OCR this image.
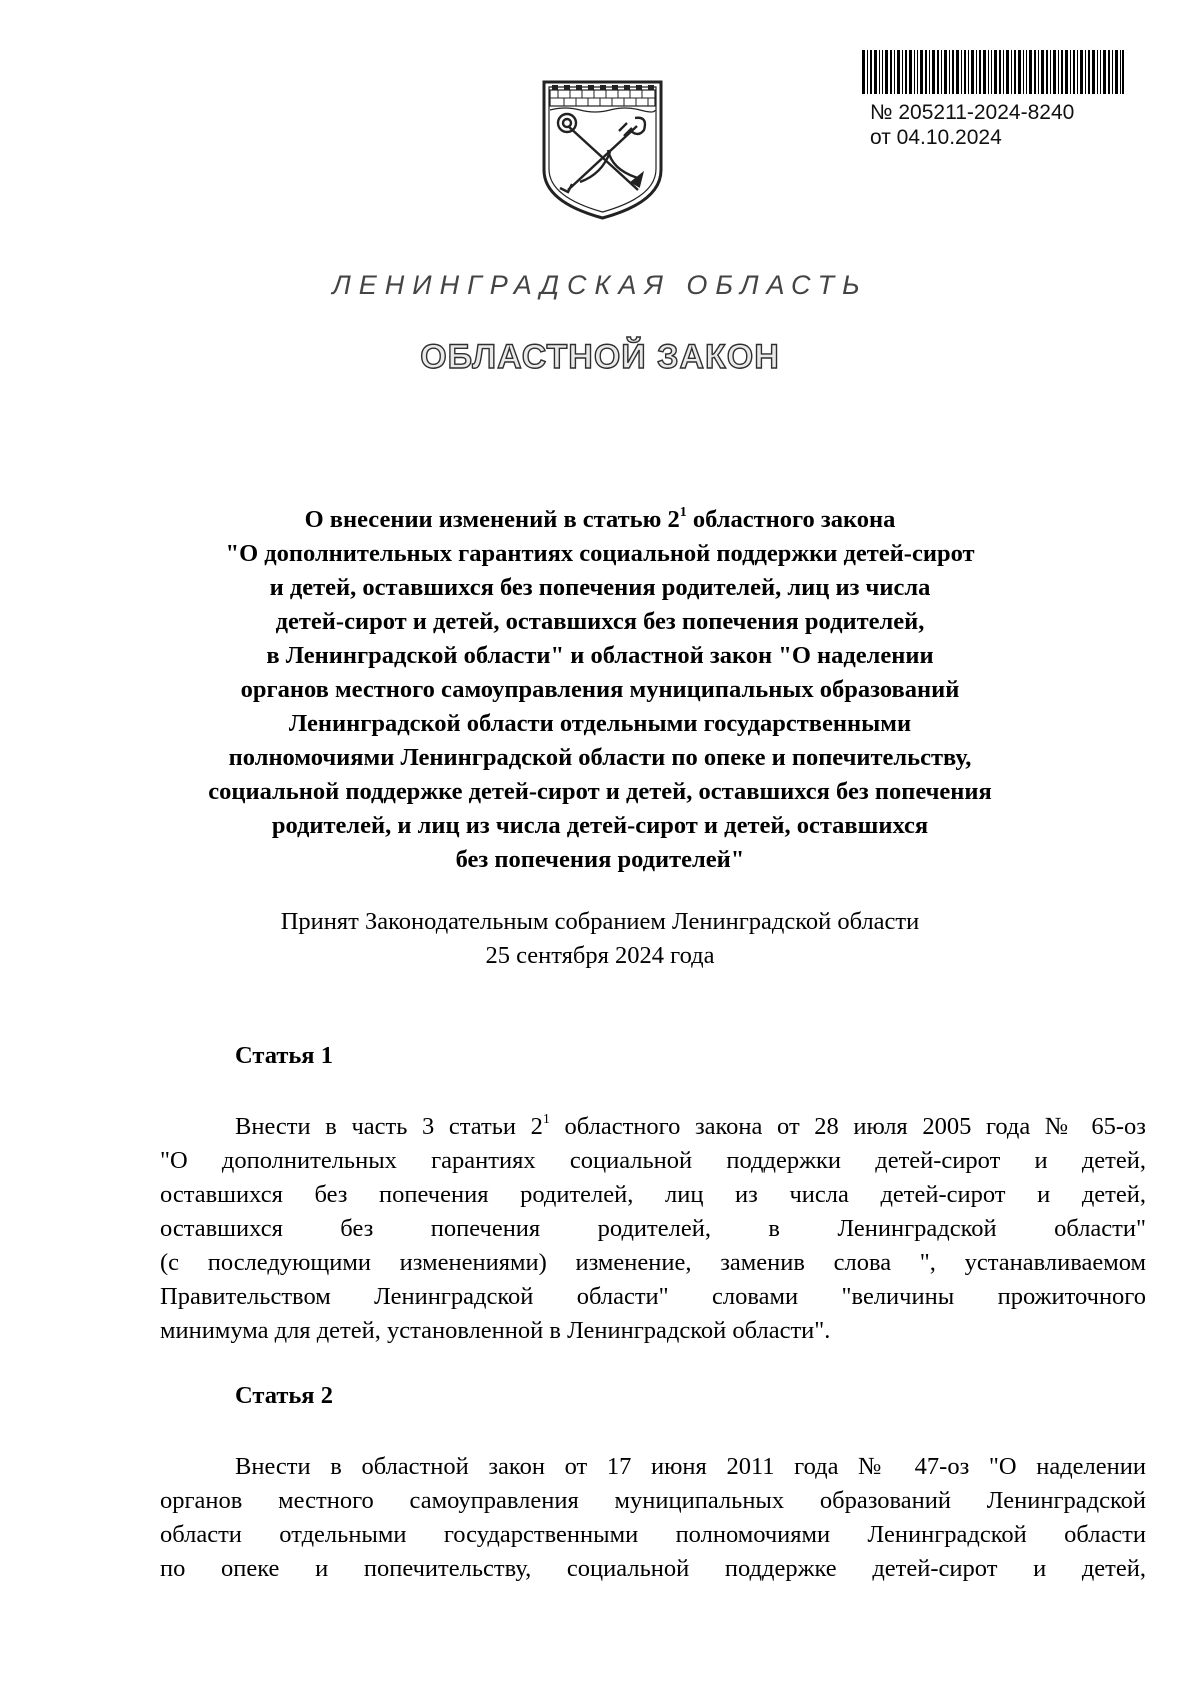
№ 205211-2024-8240
от 04.10.2024
ЛЕНИНГРАДСКАЯ ОБЛАСТЬ
ОБЛАСТНОЙ ЗАКОН
О внесении изменений в статью $2^1$ областного закона
"О дополнительных гарантиях социальной поддержки детей-сирот
и детей, оставшихся без попечения родителей, лиц из числа
детей-сирот и детей, оставшихся без попечения родителей,
в Ленинградской области" и областной закон "О наделении
органов местного самоуправления муниципальных образований
Ленинградской области отдельными государственными
полномочиями Ленинградской области по опеке и попечительству,
социальной поддержке детей-сирот и детей, оставшихся без попечения
родителей, и лиц из числа детей-сирот и детей, оставшихся
без попечения родителей"
Принят Законодательным собранием Ленинградской области
25 сентября 2024 года
Статья 1
Внести в часть 3 статьи $2^1$ областного закона от 28 июля 2005 года № 65-оз
"О дополнительных гарантиях социальной поддержки детей-сирот и детей,
оставшихся без попечения родителей, лиц из числа детей-сирот и детей,
оставшихся без попечения родителей, в Ленинградской области"
(с последующими изменениями) изменение, заменив слова ", устанавливаемом
Правительством Ленинградской области" словами "величины прожиточного
минимума для детей, установленной в Ленинградской области".
Статья 2
Внести в областной закон от 17 июня 2011 года № 47-оз "О наделении
органов местного самоуправления муниципальных образований Ленинградской
области отдельными государственными полномочиями Ленинградской области
по опеке и попечительству, социальной поддержке детей-сирот и детей,
